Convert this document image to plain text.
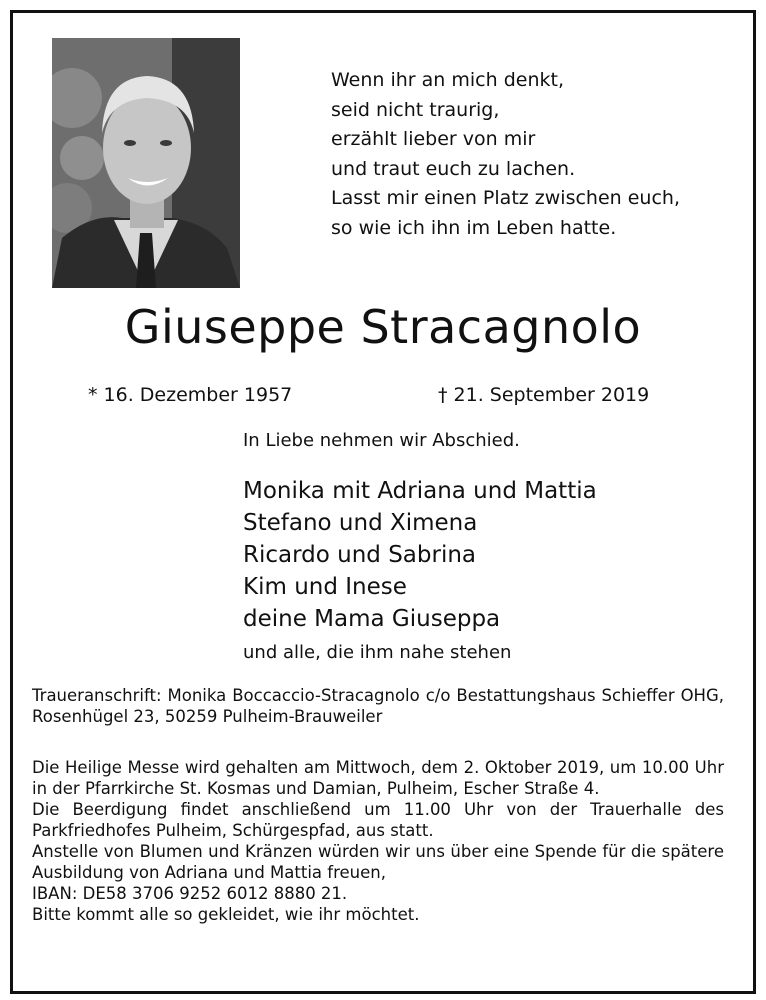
Wenn ihr an mich denkt,
seid nicht traurig,
erzählt lieber von mir
und traut euch zu lachen.
Lasst mir einen Platz zwischen euch,
so wie ich ihn im Leben hatte.
Giuseppe Stracagnolo
* 16. Dezember 1957	† 21. September 2019
In Liebe nehmen wir Abschied.
Monika mit Adriana und Mattia
Stefano und Ximena
Ricardo und Sabrina
Kim und Inese
deine Mama Giuseppa
und alle, die ihm nahe stehen

Traueranschrift: Monika Boccaccio-Stracagnolo c/o Bestattungshaus Schieffer OHG, Rosenhügel 23, 50259 Pulheim-Brauweiler

Die Heilige Messe wird gehalten am Mittwoch, dem 2. Oktober 2019, um 10.00 Uhr in der Pfarrkirche St. Kosmas und Damian, Pulheim, Escher Straße 4.

Die Beerdigung findet anschließend um 11.00 Uhr von der Trauerhalle des Parkfriedhofes Pulheim, Schürgespfad, aus statt.

Anstelle von Blumen und Kränzen würden wir uns über eine Spende für die spätere Ausbildung von Adriana und Mattia freuen,

IBAN: DE58 3706 9252 6012 8880 21.

Bitte kommt alle so gekleidet, wie ihr möchtet.
